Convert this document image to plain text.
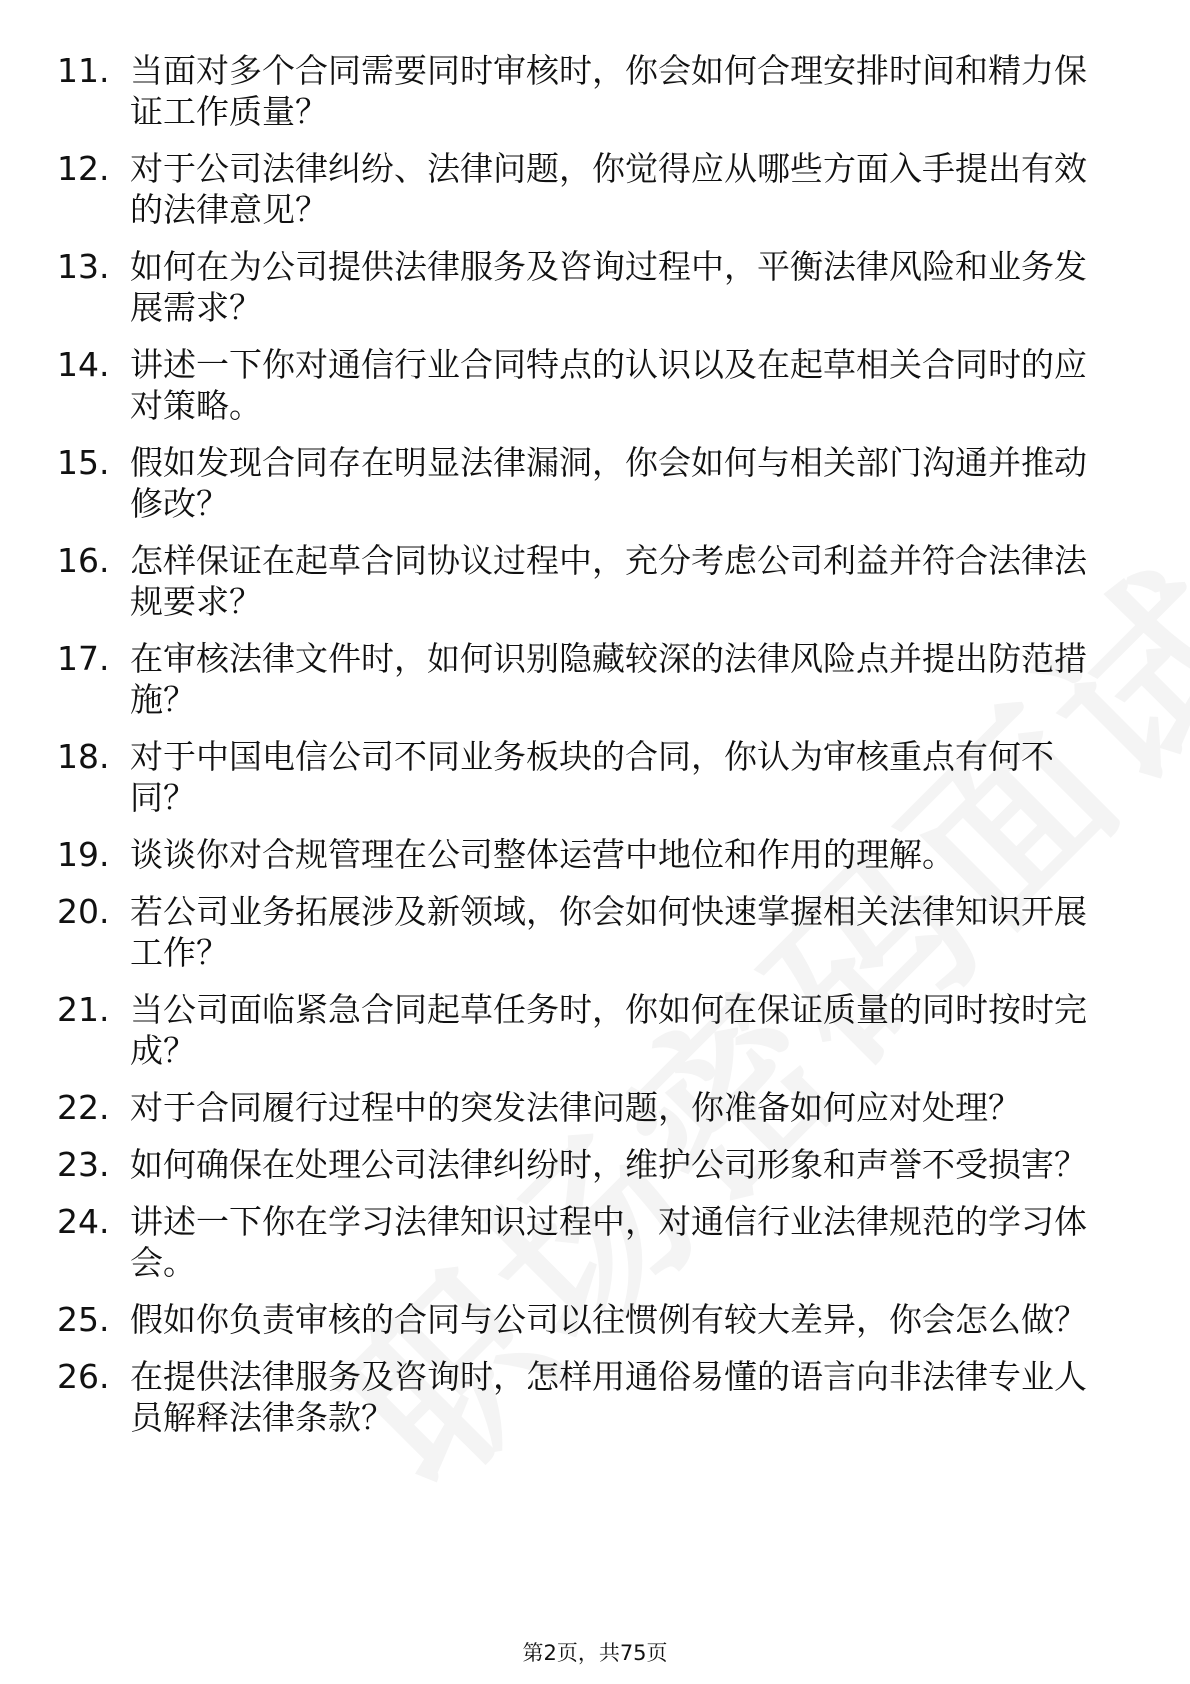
11. 当面对多个合同需要同时审核时，你会如何合理安排时间和精力保证工作质量？
12. 对于公司法律纠纷、法律问题，你觉得应从哪些方面入手提出有效的法律意见？
13. 如何在为公司提供法律服务及咨询过程中，平衡法律风险和业务发展需求？
14. 讲述一下你对通信行业合同特点的认识以及在起草相关合同时的应对策略。
15. 假如发现合同存在明显法律漏洞，你会如何与相关部门沟通并推动修改？
16. 怎样保证在起草合同协议过程中，充分考虑公司利益并符合法律法规要求？
17. 在审核法律文件时，如何识别隐藏较深的法律风险点并提出防范措施？
18. 对于中国电信公司不同业务板块的合同，你认为审核重点有何不同？
19. 谈谈你对合规管理在公司整体运营中地位和作用的理解。
20. 若公司业务拓展涉及新领域，你会如何快速掌握相关法律知识开展工作？
21. 当公司面临紧急合同起草任务时，你如何在保证质量的同时按时完成？
22. 对于合同履行过程中的突发法律问题，你准备如何应对处理？
23. 如何确保在处理公司法律纠纷时，维护公司形象和声誉不受损害？
24. 讲述一下你在学习法律知识过程中，对通信行业法律规范的学习体会。
25. 假如你负责审核的合同与公司以往惯例有较大差异，你会怎么做？
26. 在提供法律服务及咨询时，怎样用通俗易懂的语言向非法律专业人员解释法律条款？
第2页，共75页
